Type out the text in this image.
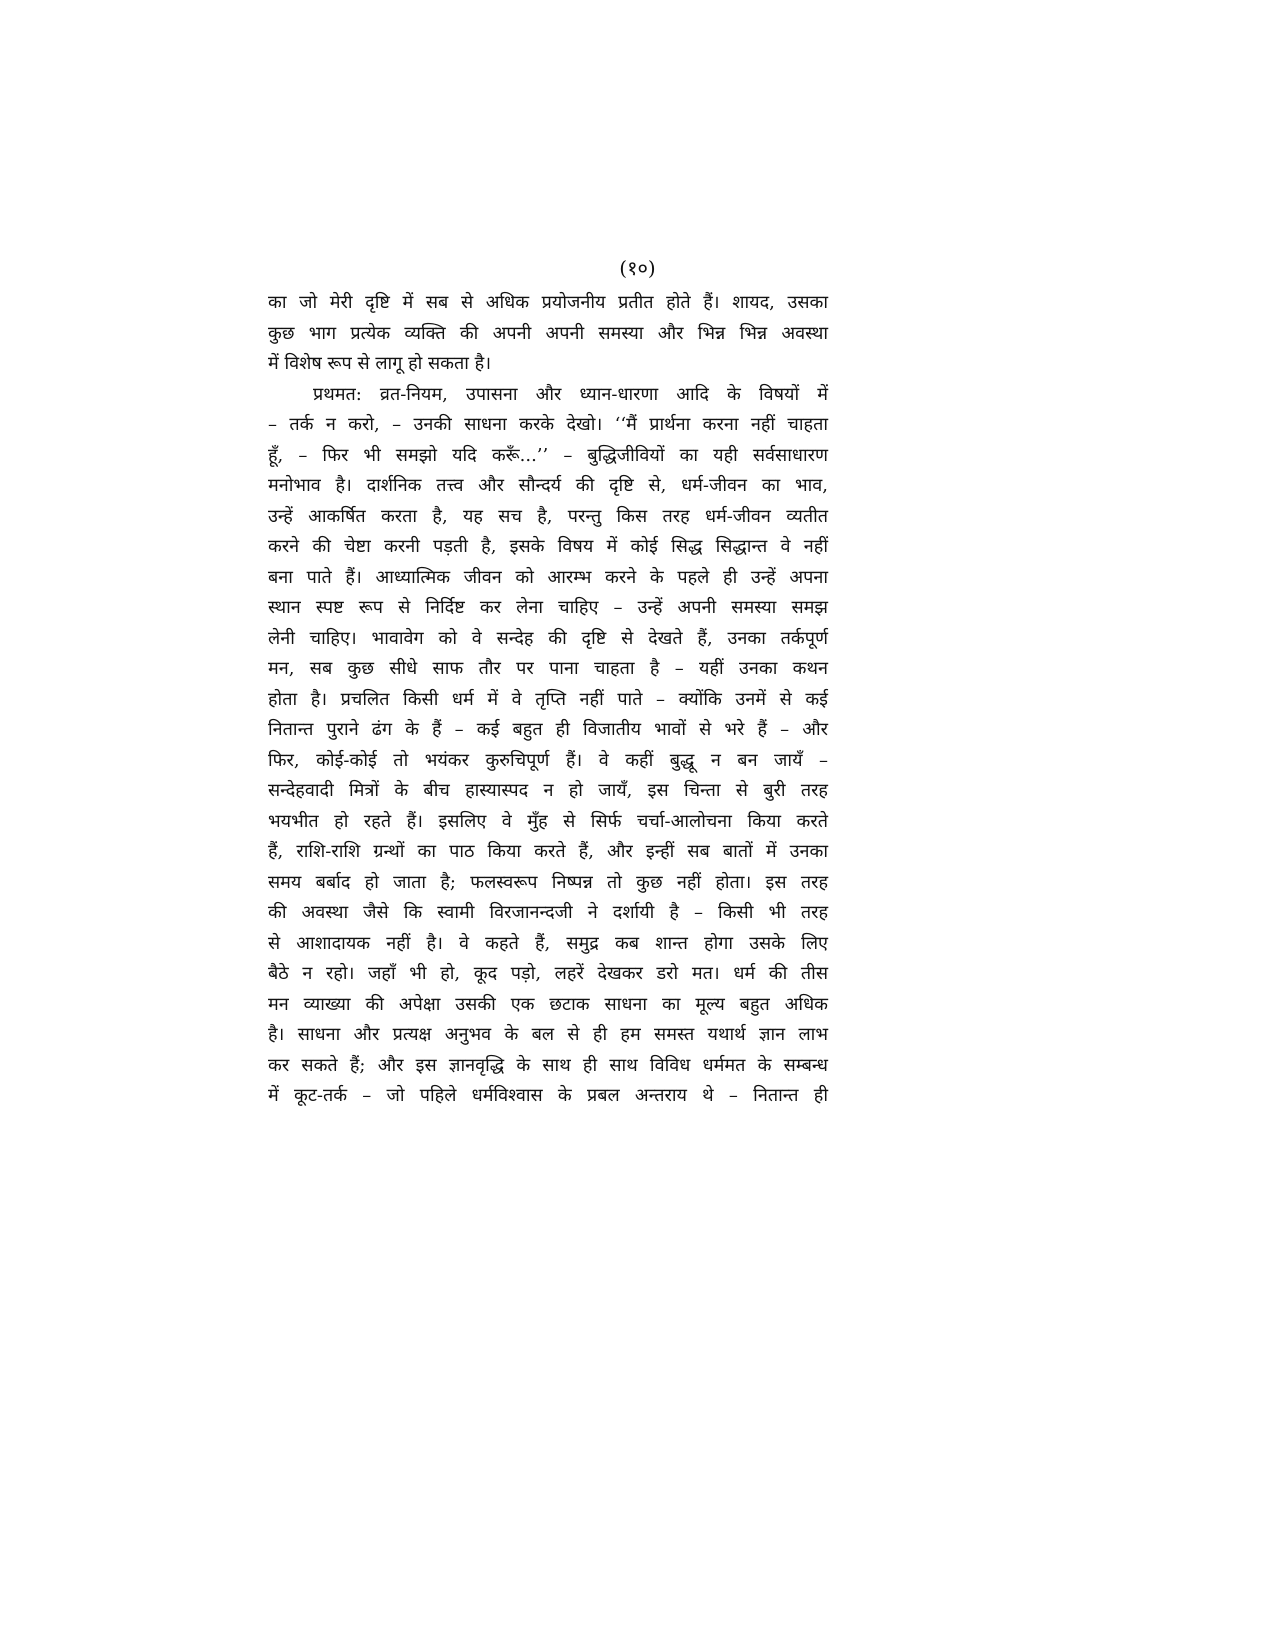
(१०)
का जो मेरी दृष्टि में सब से अधिक प्रयोजनीय प्रतीत होते हैं। शायद, उसका
कुछ भाग प्रत्येक व्यक्ति की अपनी अपनी समस्या और भिन्न भिन्न अवस्था
में विशेष रूप से लागू हो सकता है।
प्रथमत: व्रत-नियम, उपासना और ध्यान-धारणा आदि के विषयों में
– तर्क न करो, – उनकी साधना करके देखो। ‘‘मैं प्रार्थना करना नहीं चाहता
हूँ, – फिर भी समझो यदि करूँ...’’ – बुद्धिजीवियों का यही सर्वसाधारण
मनोभाव है। दार्शनिक तत्त्व और सौन्दर्य की दृष्टि से, धर्म-जीवन का भाव,
उन्हें आकर्षित करता है, यह सच है, परन्तु किस तरह धर्म-जीवन व्यतीत
करने की चेष्टा करनी पड़ती है, इसके विषय में कोई सिद्ध सिद्धान्त वे नहीं
बना पाते हैं। आध्यात्मिक जीवन को आरम्भ करने के पहले ही उन्हें अपना
स्थान स्पष्ट रूप से निर्दिष्ट कर लेना चाहिए – उन्हें अपनी समस्या समझ
लेनी चाहिए। भावावेग को वे सन्देह की दृष्टि से देखते हैं, उनका तर्कपूर्ण
मन, सब कुछ सीधे साफ तौर पर पाना चाहता है – यहीं उनका कथन
होता है। प्रचलित किसी धर्म में वे तृप्ति नहीं पाते – क्योंकि उनमें से कई
नितान्त पुराने ढंग के हैं – कई बहुत ही विजातीय भावों से भरे हैं – और
फिर, कोई-कोई तो भयंकर कुरुचिपूर्ण हैं। वे कहीं बुद्धू न बन जायँ –
सन्देहवादी मित्रों के बीच हास्यास्पद न हो जायँ, इस चिन्ता से बुरी तरह
भयभीत हो रहते हैं। इसलिए वे मुँह से सिर्फ चर्चा-आलोचना किया करते
हैं, राशि-राशि ग्रन्थों का पाठ किया करते हैं, और इन्हीं सब बातों में उनका
समय बर्बाद हो जाता है; फलस्वरूप निष्पन्न तो कुछ नहीं होता। इस तरह
की अवस्था जैसे कि स्वामी विरजानन्दजी ने दर्शायी है – किसी भी तरह
से आशादायक नहीं है। वे कहते हैं, समुद्र कब शान्त होगा उसके लिए
बैठे न रहो। जहाँ भी हो, कूद पड़ो, लहरें देखकर डरो मत। धर्म की तीस
मन व्याख्या की अपेक्षा उसकी एक छटाक साधना का मूल्य बहुत अधिक
है। साधना और प्रत्यक्ष अनुभव के बल से ही हम समस्त यथार्थ ज्ञान लाभ
कर सकते हैं; और इस ज्ञानवृद्धि के साथ ही साथ विविध धर्ममत के सम्बन्ध
में कूट-तर्क – जो पहिले धर्मविश्वास के प्रबल अन्तराय थे – नितान्त ही
